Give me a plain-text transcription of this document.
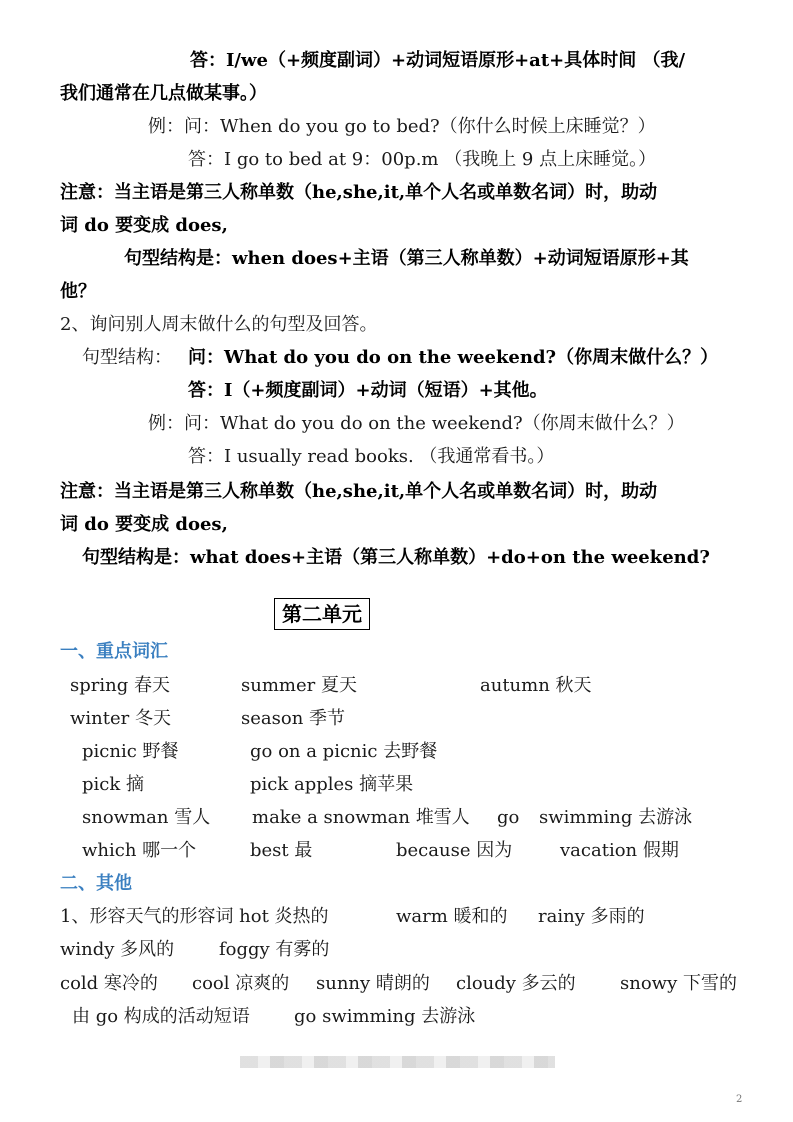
答：I/we（+频度副词）+动词短语原形+at+具体时间 （我/
我们通常在几点做某事。）
例：问：When do you go to bed?（你什么时候上床睡觉？）
答：I go to bed at 9：00p.m （我晚上 9 点上床睡觉。）
注意：当主语是第三人称单数（he,she,it,单个人名或单数名词）时，助动
词 do 要变成 does,
句型结构是：when does+主语（第三人称单数）+动词短语原形+其
他？
2、询问别人周末做什么的句型及回答。
句型结构： 问：What do you do on the weekend?（你周末做什么？）
答：I（+频度副词）+动词（短语）+其他。
例：问：What do you do on the weekend?（你周末做什么？）
答：I usually read books. （我通常看书。）
注意：当主语是第三人称单数（he,she,it,单个人名或单数名词）时，助动
词 do 要变成 does,
句型结构是：what does+主语（第三人称单数）+do+on the weekend?
第二单元
一、重点词汇
spring 春天	summer 夏天	autumn 秋天
winter 冬天	season 季节
picnic 野餐	go on a picnic 去野餐
pick 摘	pick apples 摘苹果
snowman 雪人 make a snowman 堆雪人 go swimming 去游泳
which 哪一个	best 最	because 因为	vacation 假期
二、其他
1、形容天气的形容词 hot 炎热的	warm 暖和的 rainy 多雨的
windy 多风的 foggy 有雾的
cold 寒冷的 cool 凉爽的 sunny 晴朗的 cloudy 多云的 snowy 下雪的
由 go 构成的活动短语 go swimming 去游泳
2
